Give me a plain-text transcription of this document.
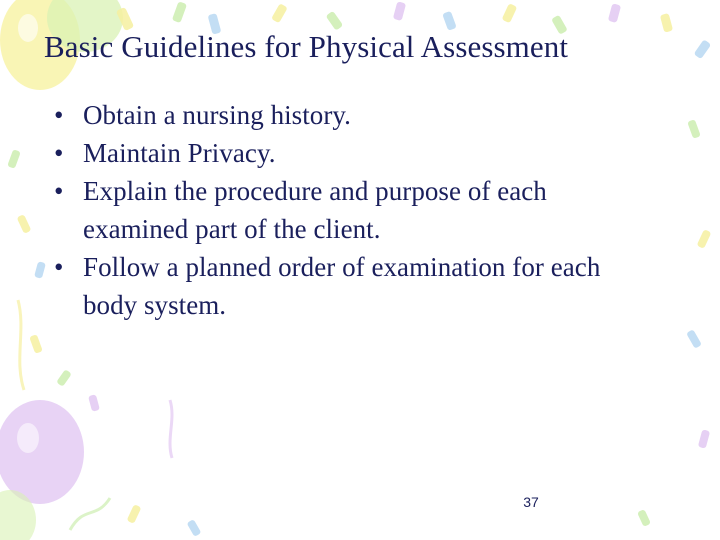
Basic Guidelines for Physical Assessment
• Obtain a nursing history.
• Maintain Privacy.
• Explain the procedure and purpose of each examined part of the client.
• Follow a planned order of examination for each body system.
37
